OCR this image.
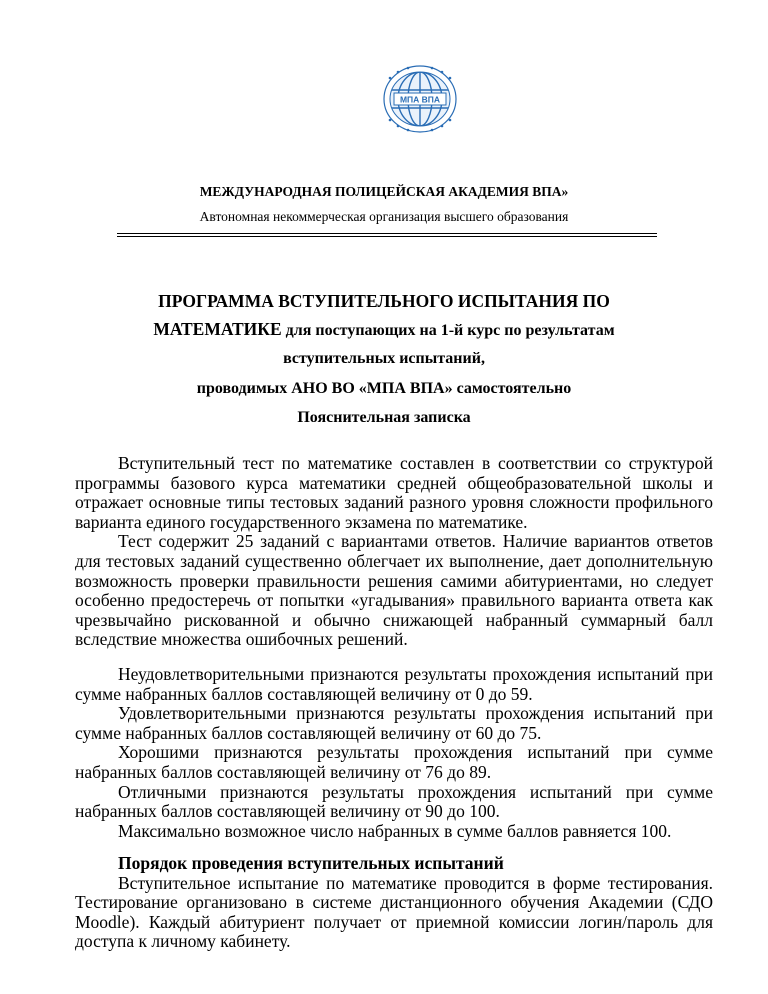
МПА ВПА
МЕЖДУНАРОДНАЯ ПОЛИЦЕЙСКАЯ АКАДЕМИЯ ВПА»
Автономная некоммерческая организация высшего образования
ПРОГРАММА ВСТУПИТЕЛЬНОГО ИСПЫТАНИЯ ПО
МАТЕМАТИКЕ для поступающих на 1-й курс по результатам
вступительных испытаний,
проводимых АНО ВО «МПА ВПА» самостоятельно
Пояснительная записка

Вступительный тест по математике составлен в соответствии со структурой программы базового курса математики средней общеобразовательной школы и отражает основные типы тестовых заданий разного уровня сложности профильного варианта единого государственного экзамена по математике.

Тест содержит 25 заданий с вариантами ответов. Наличие вариантов ответов для тестовых заданий существенно облегчает их выполнение, дает дополнительную возможность проверки правильности решения самими абитуриентами, но следует особенно предостеречь от попытки «угадывания» правильного варианта ответа как чрезвычайно рискованной и обычно снижающей набранный суммарный балл вследствие множества ошибочных решений.

Неудовлетворительными признаются результаты прохождения испытаний при сумме набранных баллов составляющей величину от 0 до 59.

Удовлетворительными признаются результаты прохождения испытаний при сумме набранных баллов составляющей величину от 60 до 75.

Хорошими признаются результаты прохождения испытаний при сумме набранных баллов составляющей величину от 76 до 89.

Отличными признаются результаты прохождения испытаний при сумме набранных баллов составляющей величину от 90 до 100.

Максимально возможное число набранных в сумме баллов равняется 100.

Порядок проведения вступительных испытаний

Вступительное испытание по математике проводится в форме тестирования. Тестирование организовано в системе дистанционного обучения Академии (СДО Moodle). Каждый абитуриент получает от приемной комиссии логин/пароль для доступа к личному кабинету.
